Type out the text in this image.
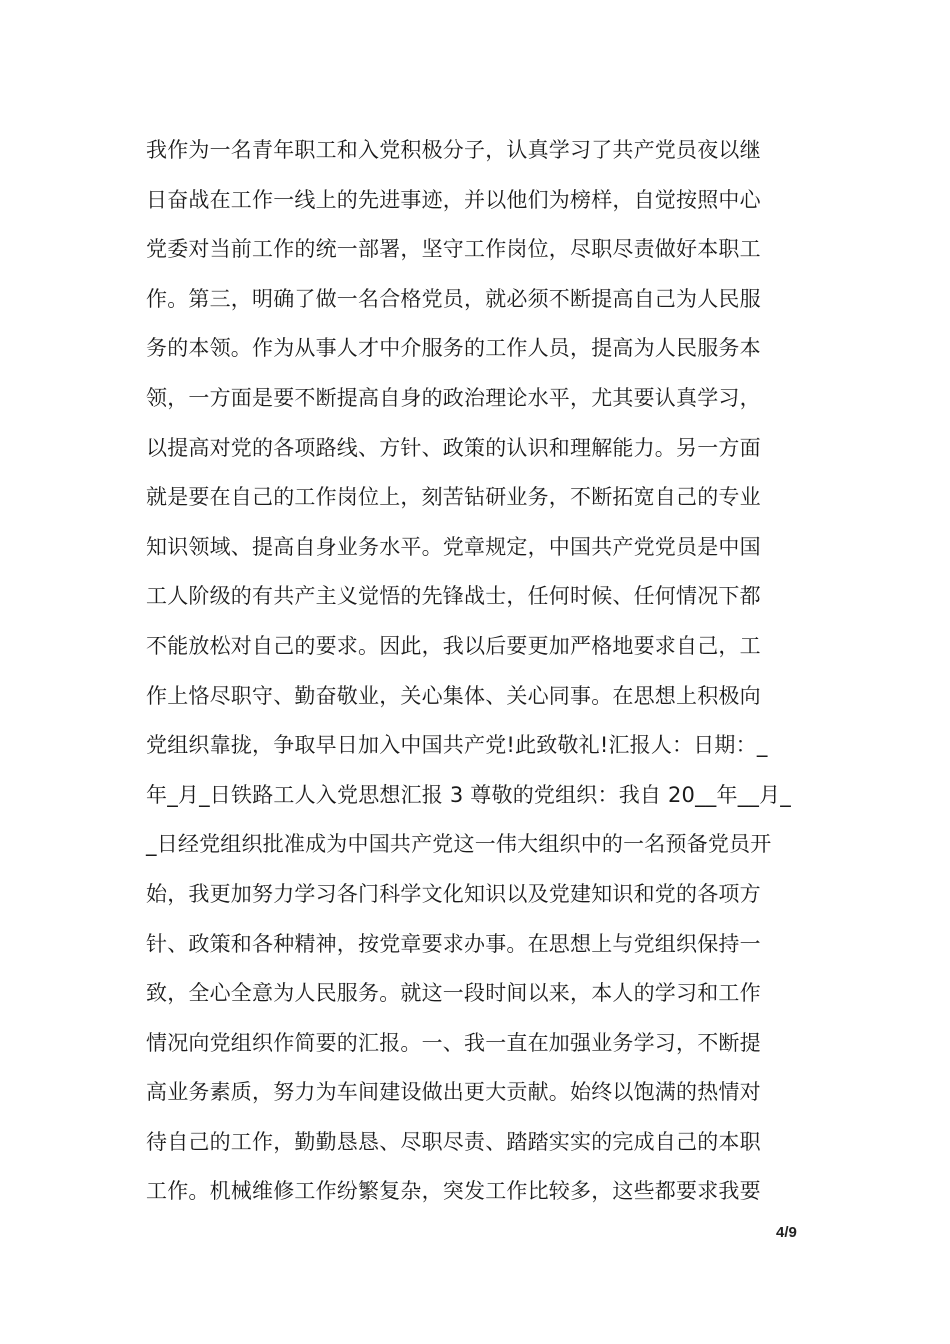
我作为一名青年职工和入党积极分子，认真学习了共产党员夜以继
日奋战在工作一线上的先进事迹，并以他们为榜样，自觉按照中心
党委对当前工作的统一部署，坚守工作岗位，尽职尽责做好本职工
作。第三，明确了做一名合格党员，就必须不断提高自己为人民服
务的本领。作为从事人才中介服务的工作人员，提高为人民服务本
领，一方面是要不断提高自身的政治理论水平，尤其要认真学习，
以提高对党的各项路线、方针、政策的认识和理解能力。另一方面
就是要在自己的工作岗位上，刻苦钻研业务，不断拓宽自己的专业
知识领域、提高自身业务水平。党章规定，中国共产党党员是中国
工人阶级的有共产主义觉悟的先锋战士，任何时候、任何情况下都
不能放松对自己的要求。因此，我以后要更加严格地要求自己，工
作上恪尽职守、勤奋敬业，关心集体、关心同事。在思想上积极向
党组织靠拢，争取早日加入中国共产党!此致敬礼!汇报人：日期：_
年_月_日铁路工人入党思想汇报 3 尊敬的党组织：我自 20__年__月_
_日经党组织批准成为中国共产党这一伟大组织中的一名预备党员开
始，我更加努力学习各门科学文化知识以及党建知识和党的各项方
针、政策和各种精神，按党章要求办事。在思想上与党组织保持一
致，全心全意为人民服务。就这一段时间以来，本人的学习和工作
情况向党组织作简要的汇报。一、我一直在加强业务学习，不断提
高业务素质，努力为车间建设做出更大贡献。始终以饱满的热情对
待自己的工作，勤勤恳恳、尽职尽责、踏踏实实的完成自己的本职
工作。机械维修工作纷繁复杂，突发工作比较多，这些都要求我要
4/9
